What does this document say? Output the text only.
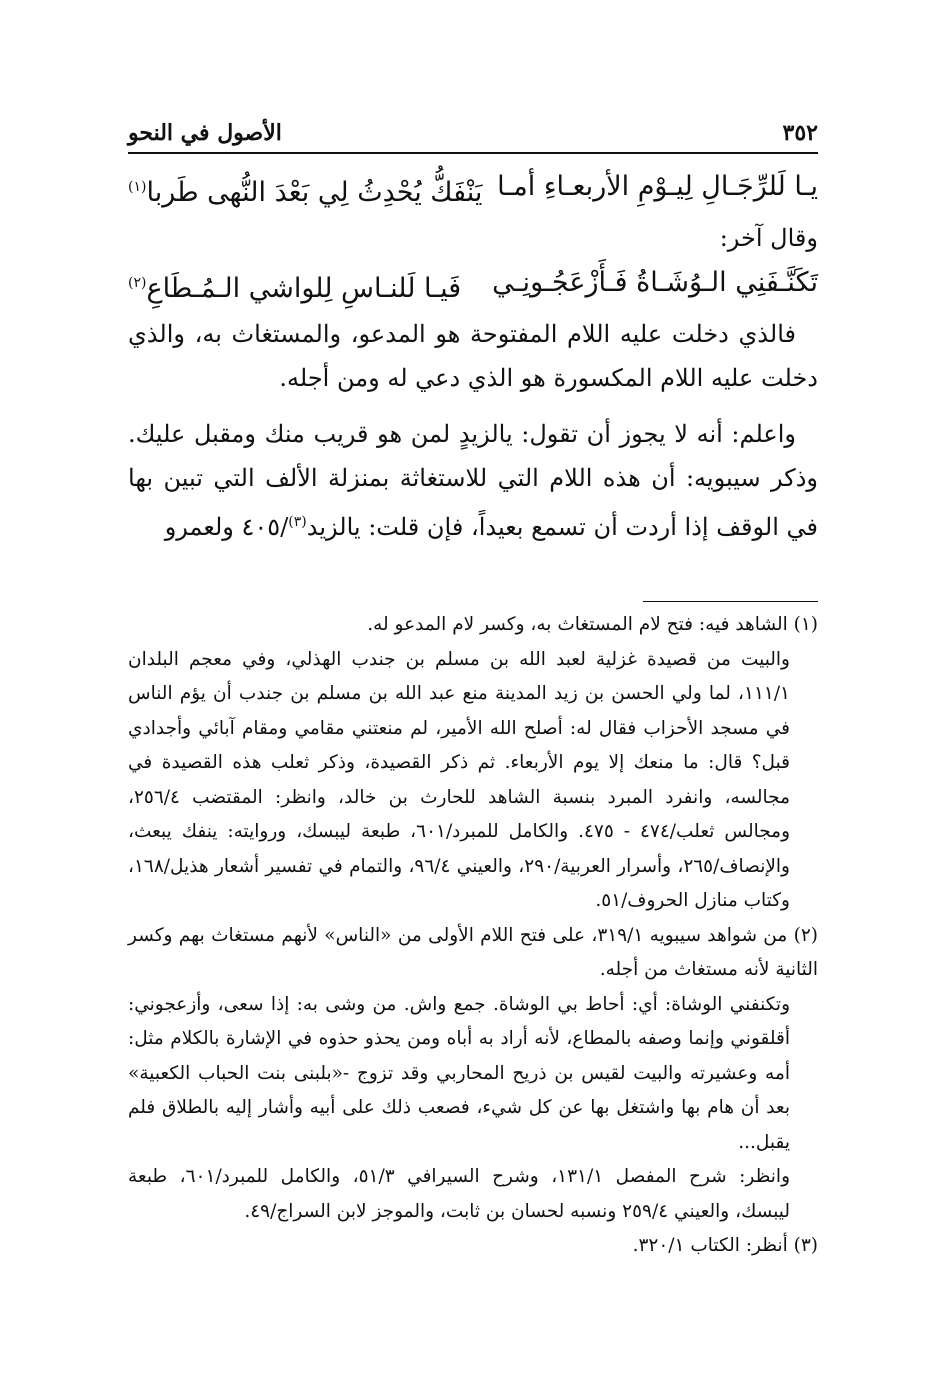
٣٥٢
الأصول في النحو
يـا لَلرِّجَـالِ لِيـوْمِ الأربعـاءِ أمـا
يَنْفَكُّ يُحْدِثُ لِي بَعْدَ النُّهى طَربا$^{(١)}$
وقال آخر:
تَكَنَّـفَنِي الـوُشَـاةُ فَـأَزْعَجُـونِـي
فَيـا لَلنـاسِ لِلواشي الـمُـطَاعِ$^{(٢)}$
فالذي دخلت عليه اللام المفتوحة هو المدعو، والمستغاث به، والذي دخلت عليه اللام المكسورة هو الذي دعي له ومن أجله.
واعلم: أنه لا يجوز أن تقول: يالزيدٍ لمن هو قريب منك ومقبل عليك. وذكر سيبويه: أن هذه اللام التي للاستغاثة بمنزلة الألف التي تبين بها في الوقف إذا أردت أن تسمع بعيداً، فإن قلت: يالزيد$^{(٣)}$/٤٠٥ ولعمرو
(١) الشاهد فيه: فتح لام المستغاث به، وكسر لام المدعو له.
والبيت من قصيدة غزلية لعبد الله بن مسلم بن جندب الهذلي، وفي معجم البلدان ١١١/١، لما ولي الحسن بن زيد المدينة منع عبد الله بن مسلم بن جندب أن يؤم الناس في مسجد الأحزاب فقال له: أصلح الله الأمير، لم منعتني مقامي ومقام آبائي وأجدادي قبل؟ قال: ما منعك إلا يوم الأربعاء. ثم ذكر القصيدة، وذكر ثعلب هذه القصيدة في مجالسه، وانفرد المبرد بنسبة الشاهد للحارث بن خالد، وانظر: المقتضب ٢٥٦/٤، ومجالس ثعلب/٤٧٤ - ٤٧٥. والكامل للمبرد/٦٠١، طبعة ليبسك، وروايته: ينفك يبعث، والإنصاف/٢٦٥، وأسرار العربية/٢٩٠، والعيني ٩٦/٤، والتمام في تفسير أشعار هذيل/١٦٨، وكتاب منازل الحروف/٥١.
(٢) من شواهد سيبويه ٣١٩/١، على فتح اللام الأولى من «الناس» لأنهم مستغاث بهم وكسر الثانية لأنه مستغاث من أجله.
وتكنفني الوشاة: أي: أحاط بي الوشاة. جمع واش. من وشى به: إذا سعى، وأزعجوني: أقلقوني وإنما وصفه بالمطاع، لأنه أراد به أباه ومن يحذو حذوه في الإشارة بالكلام مثل: أمه وعشيرته والبيت لقيس بن ذريح المحاربي وقد تزوج -«بلبنى بنت الحباب الكعبية» بعد أن هام بها واشتغل بها عن كل شيء، فصعب ذلك على أبيه وأشار إليه بالطلاق فلم يقبل...
وانظر: شرح المفصل ١٣١/١، وشرح السيرافي ٥١/٣، والكامل للمبرد/٦٠١، طبعة ليبسك، والعيني ٢٥٩/٤ ونسبه لحسان بن ثابت، والموجز لابن السراج/٤٩.
(٣) أنظر: الكتاب ٣٢٠/١.
